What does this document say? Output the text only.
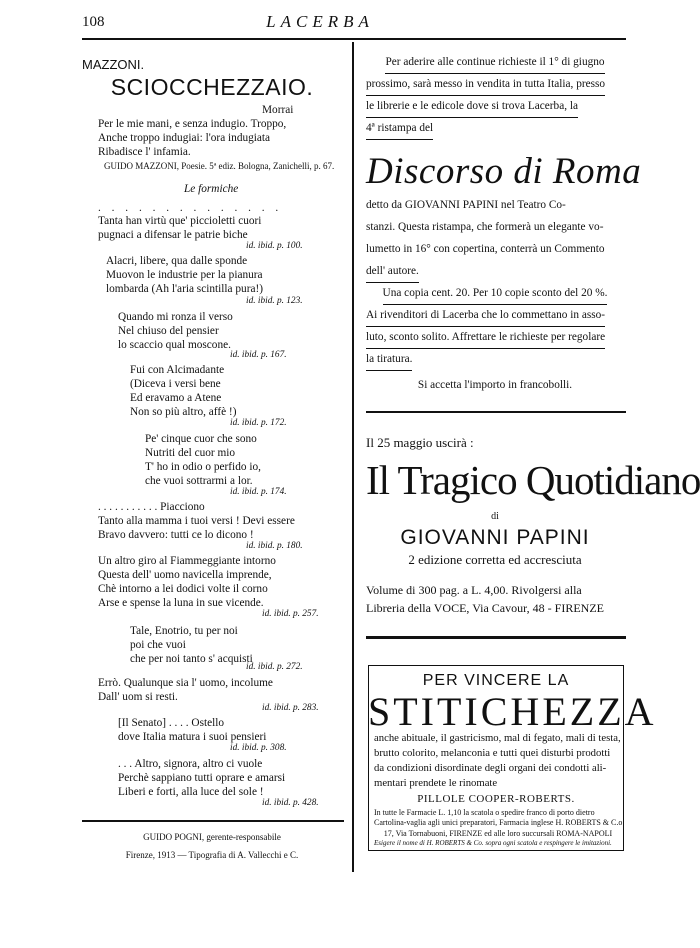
108	LACERBA
MAZZONI.
SCIOCCHEZZAIO.
Morrai
Per le mie mani, e senza indugio. Troppo,
Anche troppo indugiai: l'ora indugiata
Ribadisce l' infamia.
GUIDO MAZZONI, Poesie. 5ª ediz. Bologna, Zanichelli, p. 67.
Le formiche
. . . . . . . . . . . . . .
Tanta han virtù que' piccioletti cuori
pugnaci a difensar le patrie biche
id. ibid. p. 100.
Alacri, libere, qua dalle sponde
Muovon le industrie per la pianura
lombarda (Ah l'aria scintilla pura!)
id. ibid. p. 123.
Quando mi ronza il verso
Nel chiuso del pensier
lo scaccio qual moscone.
id. ibid. p. 167.
Fui con Alcimadante
(Diceva i versi bene
Ed eravamo a Atene
Non so più altro, affè !)
id. ibid. p. 172.
Pe' cinque cuor che sono
Nutriti del cuor mio
T' ho in odio o perfido io,
che vuoi sottrarmi a lor.
id. ibid. p. 174.
. . . . . . . . . . . Piacciono
Tanto alla mamma i tuoi versi ! Devi essere
Bravo davvero: tutti ce lo dicono !
id. ibid. p. 180.
Un altro giro al Fiammeggiante intorno
Questa dell' uomo navicella imprende,
Chè intorno a lei dodici volte il corno
Arse e spense la luna in sue vicende.
id. ibid. p. 257.
Tale, Enotrio, tu per noi
poi che vuoi
che per noi tanto s' acquisti
id. ibid. p. 272.
Errò. Qualunque sia l' uomo, incolume
Dall' uom si resti.
id. ibid. p. 283.
[Il Senato] . . . . Ostello
dove Italia matura i suoi pensieri
id. ibid. p. 308.
. . . Altro, signora, altro ci vuole
Perchè sappiano tutti oprare e amarsi
Liberi e forti, alla luce del sole !
id. ibid. p. 428.
GUIDO POGNI, gerente-responsabile
Firenze, 1913 — Tipografia di A. Vallecchi e C.
Per aderire alle continue richieste il 1° di giugno
prossimo, sarà messo in vendita in tutta Italia, presso
le librerie e le edicole dove si trova Lacerba, la
4ª ristampa del
Discorso di Roma
detto da GIOVANNI PAPINI nel Teatro Co-
stanzi. Questa ristampa, che formerà un elegante vo-
lumetto in 16° con copertina, conterrà un Commento
dell' autore.
Una copia cent. 20. Per 10 copie sconto del 20 %.
Ai rivenditori di Lacerba che lo commettano in asso-
luto, sconto solito. Affrettare le richieste per regolare
la tiratura.
Si accetta l'importo in francobolli.
Il 25 maggio uscirà :
Il Tragico Quotidiano
di
GIOVANNI PAPINI
2 edizione corretta ed accresciuta
Volume di 300 pag. a L. 4,00. Rivolgersi alla
Libreria della VOCE, Via Cavour, 48 - FIRENZE
PER VINCERE LA
STITICHEZZA
anche abituale, il gastricismo, mal di fegato, mali di testa,
brutto colorito, melanconia e tutti quei disturbi prodotti
da condizioni disordinate degli organi dei condotti ali-
mentari prendete le rinomate
PILLOLE COOPER-ROBERTS.
In tutte le Farmacie L. 1,10 la scatola o spedire franco di porto dietro
Cartolina-vaglia agli unici preparatori, Farmacia inglese H. ROBERTS & C.o
17, Via Tornabuoni, FIRENZE ed alle loro succursali ROMA-NAPOLI
Esigere il nome di H. ROBERTS & Co. sopra ogni scatola e respingere le imitazioni.
